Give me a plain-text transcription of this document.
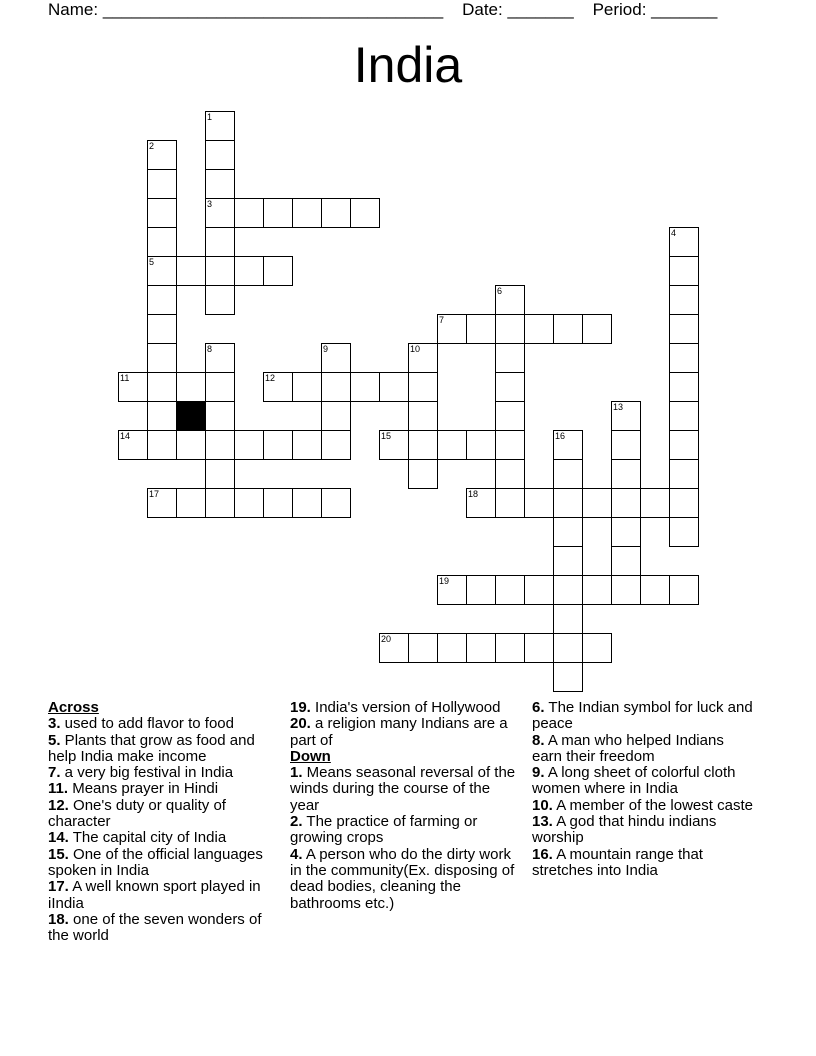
Name: ____________________________________ Date: _______ Period: _______
India
1
3
2
5
4
6
7
8	9	10
11	12
13
14	15	16
17	18
19
20
Across
3. used to add flavor to food
5. Plants that grow as food and help India make income
7. a very big festival in India
11. Means prayer in Hindi
12. One's duty or quality of character
14. The capital city of India
15. One of the official languages spoken in India
17. A well known sport played in iIndia
18. one of the seven wonders of the world
19. India's version of Hollywood
20. a religion many Indians are a part of
Down
1. Means seasonal reversal of the winds during the course of the year
2. The practice of farming or growing crops
4. A person who do the dirty work in the community(Ex. disposing of dead bodies, cleaning the bathrooms etc.)
6. The Indian symbol for luck and peace
8. A man who helped Indians earn their freedom
9. A long sheet of colorful cloth women where in India
10. A member of the lowest caste
13. A god that hindu indians worship
16. A mountain range that stretches into India
